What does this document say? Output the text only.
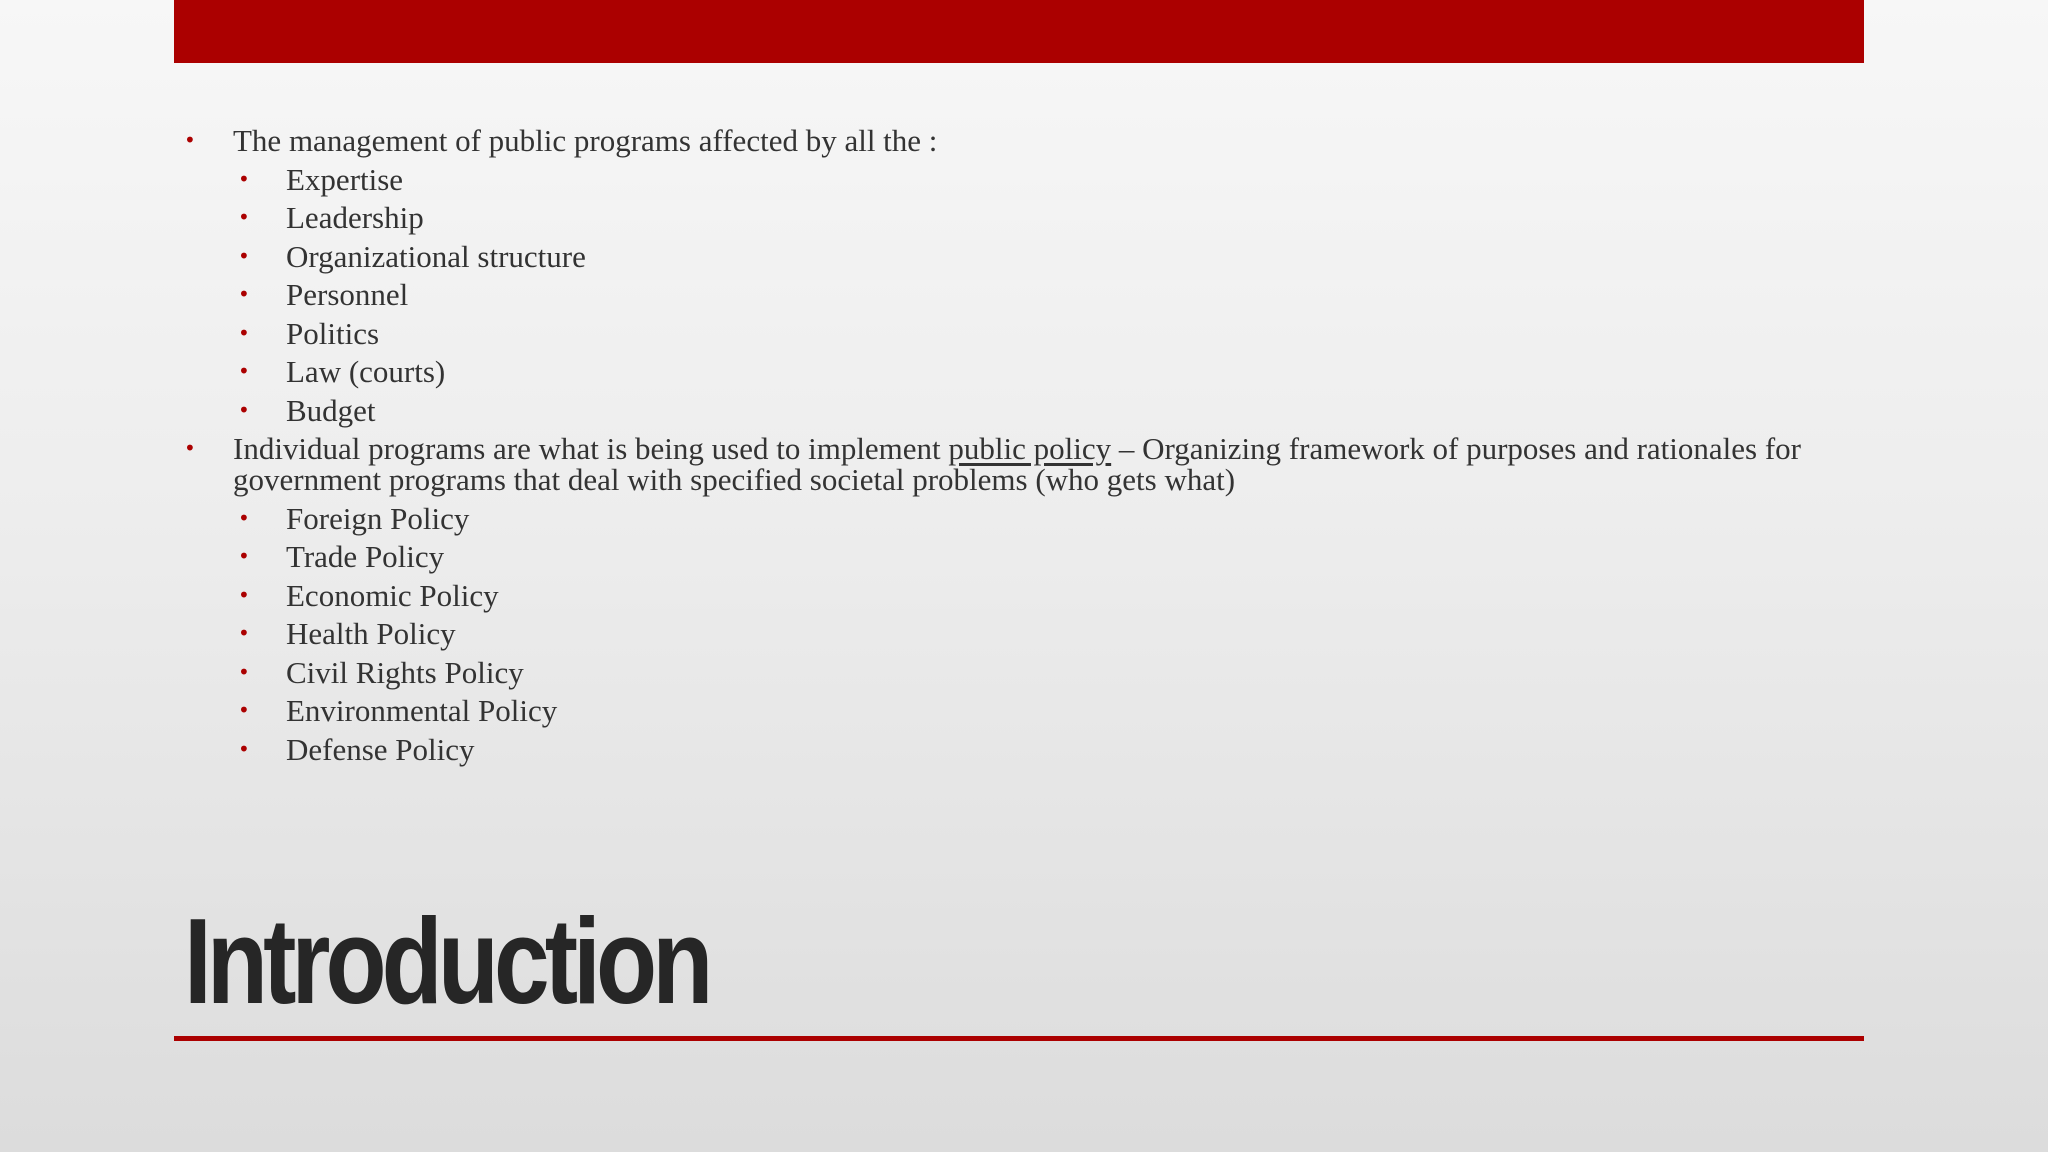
• The management of public programs affected by all the :
• Expertise
• Leadership
• Organizational structure
• Personnel
• Politics
• Law (courts)
• Budget
• Individual programs are what is being used to implement public policy – Organizing framework of purposes and rationales for government programs that deal with specified societal problems (who gets what)
• Foreign Policy
• Trade Policy
• Economic Policy
• Health Policy
• Civil Rights Policy
• Environmental Policy
• Defense Policy
Introduction
